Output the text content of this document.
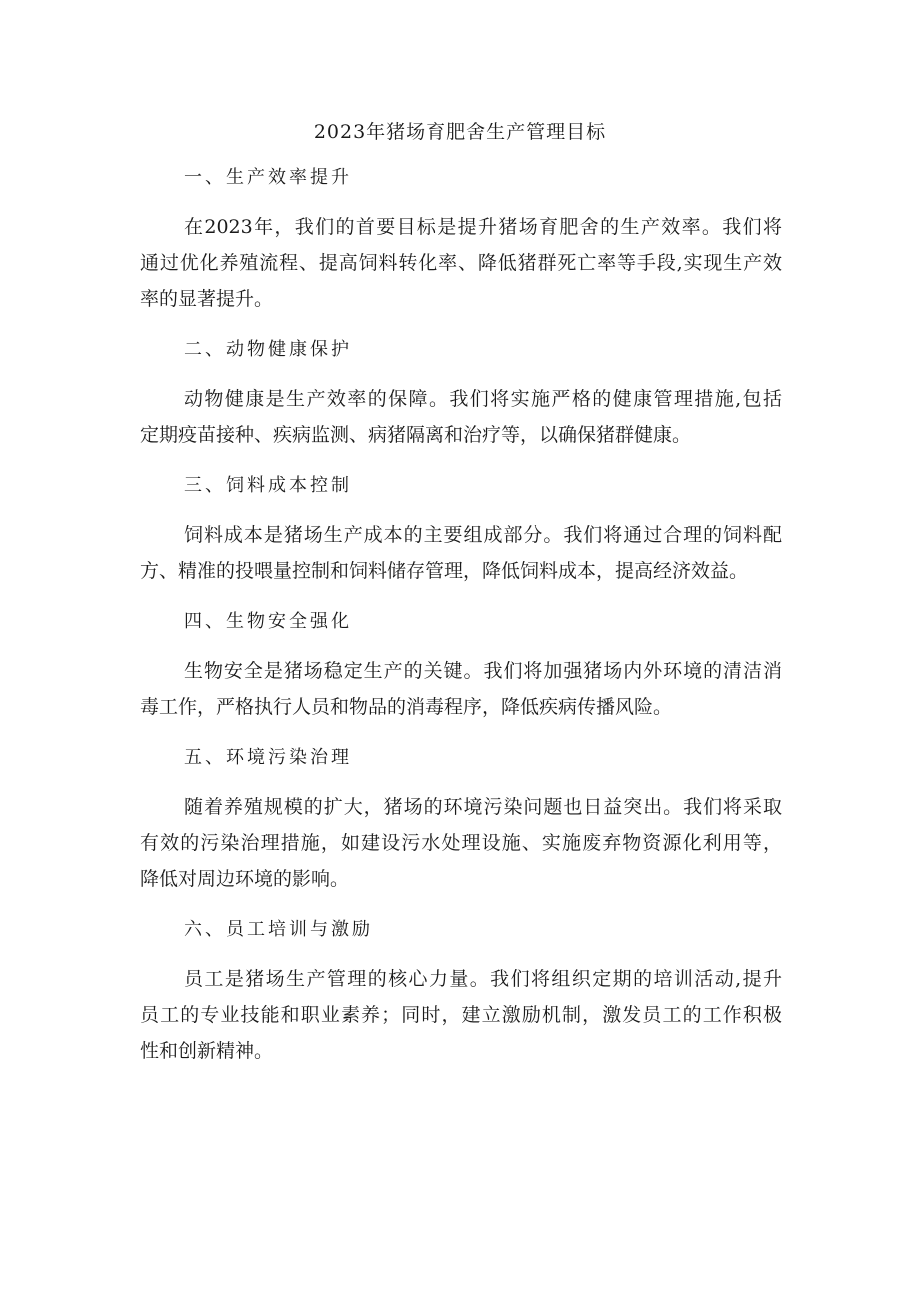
2023年猪场育肥舍生产管理目标
一、生产效率提升
在2023年，我们的首要目标是提升猪场育肥舍的生产效率。我们将
通过优化养殖流程、提高饲料转化率、降低猪群死亡率等手段,实现生产效
率的显著提升。
二、动物健康保护
动物健康是生产效率的保障。我们将实施严格的健康管理措施,包括
定期疫苗接种、疾病监测、病猪隔离和治疗等，以确保猪群健康。
三、饲料成本控制
饲料成本是猪场生产成本的主要组成部分。我们将通过合理的饲料配
方、精准的投喂量控制和饲料储存管理，降低饲料成本，提高经济效益。
四、生物安全强化
生物安全是猪场稳定生产的关键。我们将加强猪场内外环境的清洁消
毒工作，严格执行人员和物品的消毒程序，降低疾病传播风险。
五、环境污染治理
随着养殖规模的扩大，猪场的环境污染问题也日益突出。我们将采取
有效的污染治理措施，如建设污水处理设施、实施废弃物资源化利用等，
降低对周边环境的影响。
六、员工培训与激励
员工是猪场生产管理的核心力量。我们将组织定期的培训活动,提升
员工的专业技能和职业素养；同时，建立激励机制，激发员工的工作积极
性和创新精神。
